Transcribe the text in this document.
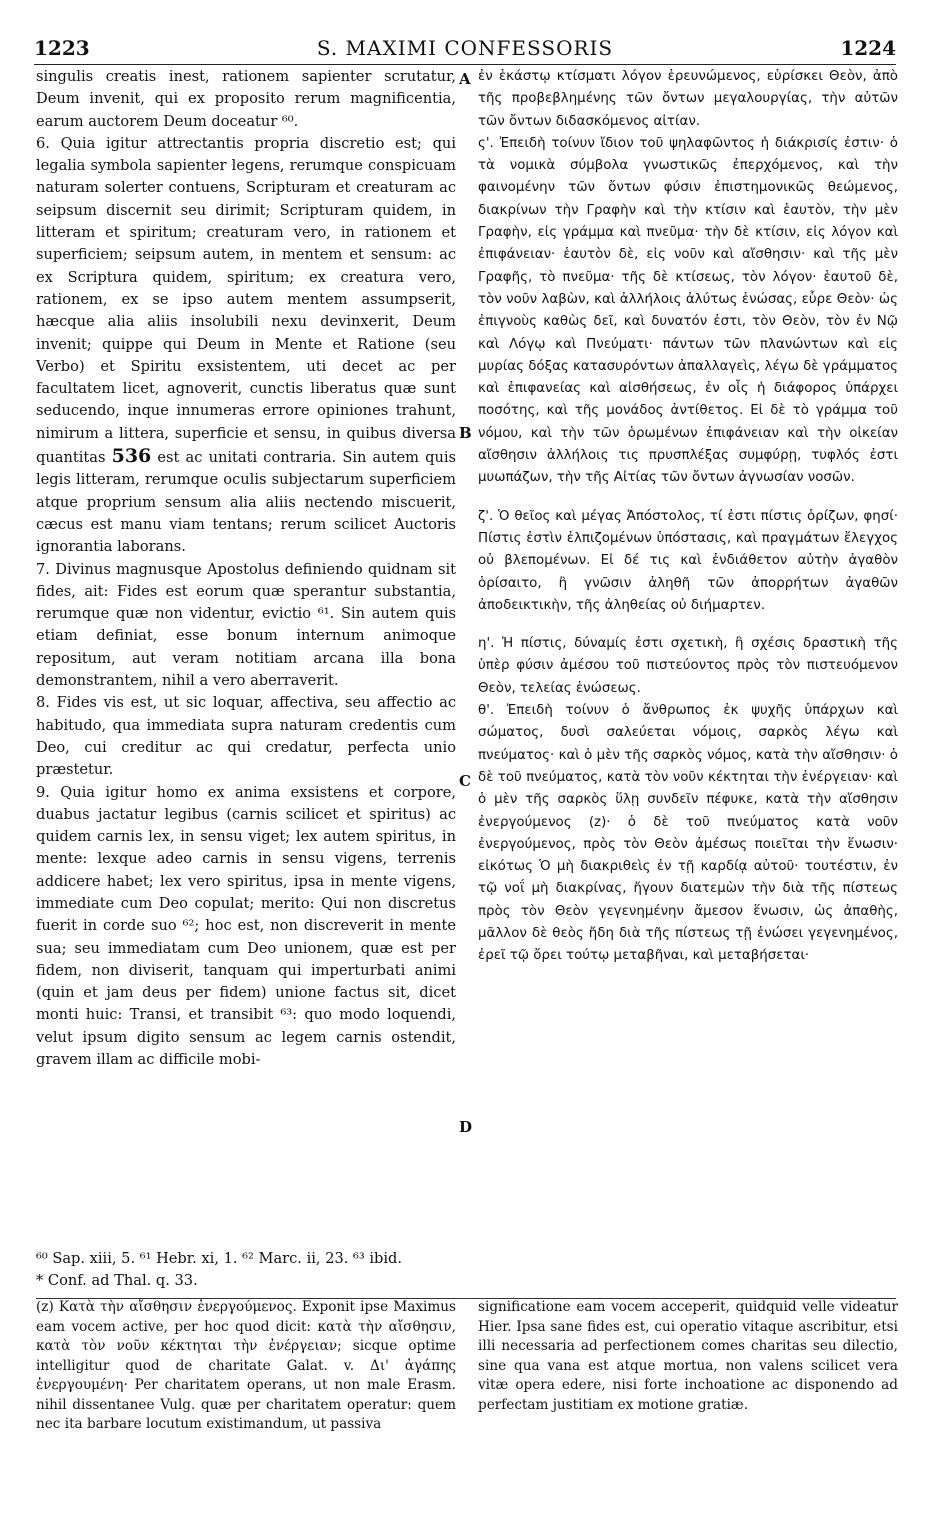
1223	S. MAXIMI CONFESSORIS	1224

singulis creatis inest, rationem sapienter scrutatur, Deum invenit, qui ex proposito rerum magnificentia, earum auctorem Deum doceatur ⁶⁰.

6. Quia igitur attrectantis propria discretio est; qui legalia symbola sapienter legens, rerumque conspicuam naturam solerter contuens, Scripturam et creaturam ac seipsum discernit seu dirimit; Scripturam quidem, in litteram et spiritum; creaturam vero, in rationem et superficiem; seipsum autem, in mentem et sensum: ac ex Scriptura quidem, spiritum; ex creatura vero, rationem, ex se ipso autem mentem assumpserit, hæcque alia aliis insolubili nexu devinxerit, Deum invenit; quippe qui Deum in Mente et Ratione (seu Verbo) et Spiritu exsistentem, uti decet ac per facultatem licet, agnoverit, cunctis liberatus quæ sunt seducendo, inque innumeras errore opiniones trahunt, nimirum a littera, superficie et sensu, in quibus diversa quantitas 536 est ac unitati contraria. Sin autem quis legis litteram, rerumque oculis subjectarum superficiem atque proprium sensum alia aliis nectendo miscuerit, cæcus est manu viam tentans; rerum scilicet Auctoris ignorantia laborans.

7. Divinus magnusque Apostolus definiendo quidnam sit fides, ait: Fides est eorum quæ sperantur substantia, rerumque quæ non videntur, evictio ⁶¹. Sin autem quis etiam definiat, esse bonum internum animoque repositum, aut veram notitiam arcana illa bona demonstrantem, nihil a vero aberraverit.

8. Fides vis est, ut sic loquar, affectiva, seu affectio ac habitudo, qua immediata supra naturam credentis cum Deo, cui creditur ac qui credatur, perfecta unio præstetur.

9. Quia igitur homo ex anima exsistens et corpore, duabus jactatur legibus (carnis scilicet et spiritus) ac quidem carnis lex, in sensu viget; lex autem spiritus, in mente: lexque adeo carnis in sensu vigens, terrenis addicere habet; lex vero spiritus, ipsa in mente vigens, immediate cum Deo copulat; merito: Qui non discretus fuerit in corde suo ⁶²; hoc est, non discreverit in mente sua; seu immediatam cum Deo unionem, quæ est per fidem, non diviserit, tanquam qui imperturbati animi (quin et jam deus per fidem) unione factus sit, dicet monti huic: Transi, et transibit ⁶³: quo modo loquendi, velut ipsum digito sensum ac legem carnis ostendit, gravem illam ac difficile mobi-

A
B
C
D

ἐν ἑκάστῳ κτίσματι λόγον ἐρευνώμενος, εὑρίσκει Θεὸν, ἀπὸ τῆς προβεβλημένης τῶν ὄντων μεγαλουργίας, τὴν αὐτῶν τῶν ὄντων διδασκόμενος αἰτίαν.

ς'. Ἐπειδὴ τοίνυν ἴδιον τοῦ ψηλαφῶντος ἡ διάκρισίς ἐστιν· ὁ τὰ νομικὰ σύμβολα γνωστικῶς ἐπερχόμενος, καὶ τὴν φαινομένην τῶν ὄντων φύσιν ἐπιστημονικῶς θεώμενος, διακρίνων τὴν Γραφὴν καὶ τὴν κτίσιν καὶ ἑαυτὸν, τὴν μὲν Γραφὴν, εἰς γράμμα καὶ πνεῦμα· τὴν δὲ κτίσιν, εἰς λόγον καὶ ἐπιφάνειαν· ἑαυτὸν δὲ, εἰς νοῦν καὶ αἴσθησιν· καὶ τῆς μὲν Γραφῆς, τὸ πνεῦμα· τῆς δὲ κτίσεως, τὸν λόγον· ἑαυτοῦ δὲ, τὸν νοῦν λαβὼν, καὶ ἀλλήλοις ἀλύτως ἑνώσας, εὗρε Θεὸν· ὡς ἐπιγνοὺς καθὼς δεῖ, καὶ δυνατόν ἐστι, τὸν Θεὸν, τὸν ἐν Νῷ καὶ Λόγῳ καὶ Πνεύματι· πάντων τῶν πλανώντων καὶ εἰς μυρίας δόξας κατασυρόντων ἀπαλλαγεὶς, λέγω δὲ γράμματος καὶ ἐπιφανείας καὶ αἰσθήσεως, ἐν οἷς ἡ διάφορος ὑπάρχει ποσότης, καὶ τῆς μονάδος ἀντίθετος. Εἰ δὲ τὸ γράμμα τοῦ νόμου, καὶ τὴν τῶν ὁρωμένων ἐπιφάνειαν καὶ τὴν οἰκείαν αἴσθησιν ἀλλήλοις τις πρυσπλέξας συμφύρῃ, τυφλός ἐστι μυωπάζων, τὴν τῆς Αἰτίας τῶν ὄντων ἀγνωσίαν νοσῶν.

ζ'. Ὁ θεῖος καὶ μέγας Ἀπόστολος, τί ἐστι πίστις ὁρίζων, φησί· Πίστις ἐστὶν ἐλπιζομένων ὑπόστασις, καὶ πραγμάτων ἔλεγχος οὐ βλεπομένων. Εἰ δέ τις καὶ ἐνδιάθετον αὐτὴν ἀγαθὸν ὁρίσαιτο, ἢ γνῶσιν ἀληθῆ τῶν ἀπορρήτων ἀγαθῶν ἀποδεικτικὴν, τῆς ἀληθείας οὐ διήμαρτεν.

η'. Ἡ πίστις, δύναμίς ἐστι σχετικὴ, ἢ σχέσις δραστικὴ τῆς ὑπὲρ φύσιν ἀμέσου τοῦ πιστεύοντος πρὸς τὸν πιστευόμενον Θεὸν, τελείας ἑνώσεως.

θ'. Ἐπειδὴ τοίνυν ὁ ἄνθρωπος ἐκ ψυχῆς ὑπάρχων καὶ σώματος, δυσὶ σαλεύεται νόμοις, σαρκὸς λέγω καὶ πνεύματος· καὶ ὁ μὲν τῆς σαρκὸς νόμος, κατὰ τὴν αἴσθησιν· ὁ δὲ τοῦ πνεύματος, κατὰ τὸν νοῦν κέκτηται τὴν ἐνέργειαν· καὶ ὁ μὲν τῆς σαρκὸς ὕλῃ συνδεῖν πέφυκε, κατὰ τὴν αἴσθησιν ἐνεργούμενος (z)· ὁ δὲ τοῦ πνεύματος κατὰ νοῦν ἐνεργούμενος, πρὸς τὸν Θεὸν ἀμέσως ποιεῖται τὴν ἕνωσιν· εἰκότως Ὁ μὴ διακριθεὶς ἐν τῇ καρδίᾳ αὐτοῦ· τουτέστιν, ἐν τῷ νοΐ μὴ διακρίνας, ἤγουν διατεμὼν τὴν διὰ τῆς πίστεως πρὸς τὸν Θεὸν γεγενημένην ἄμεσον ἕνωσιν, ὡς ἀπαθὴς, μᾶλλον δὲ θεὸς ἤδη διὰ τῆς πίστεως τῇ ἑνώσει γεγενημένος, ἐρεῖ τῷ ὄρει τούτῳ μεταβῆναι, καὶ μεταβήσεται·

⁶⁰ Sap. xiii, 5. ⁶¹ Hebr. xi, 1. ⁶² Marc. ii, 23. ⁶³ ibid.
* Conf. ad Thal. q. 33.
(z) Κατὰ τὴν αἴσθησιν ἐνεργούμενος. Exponit ipse Maximus eam vocem active, per hoc quod dicit: κατὰ τὴν αἴσθησιν, κατὰ τὸν νοῦν κέκτηται τὴν ἐνέργειαν; sicque optime intelligitur quod de charitate Galat. v. Δι' ἀγάπης ἐνεργουμένη· Per charitatem operans, ut non male Erasm. nihil dissentanee Vulg. quæ per charitatem operatur: quem nec ita barbare locutum existimandum, ut passiva
significatione eam vocem acceperit, quidquid velle videatur Hier. Ipsa sane fides est, cui operatio vitaque ascribitur, etsi illi necessaria ad perfectionem comes charitas seu dilectio, sine qua vana est atque mortua, non valens scilicet vera vitæ opera edere, nisi forte inchoatione ac disponendo ad perfectam justitiam ex motione gratiæ.
